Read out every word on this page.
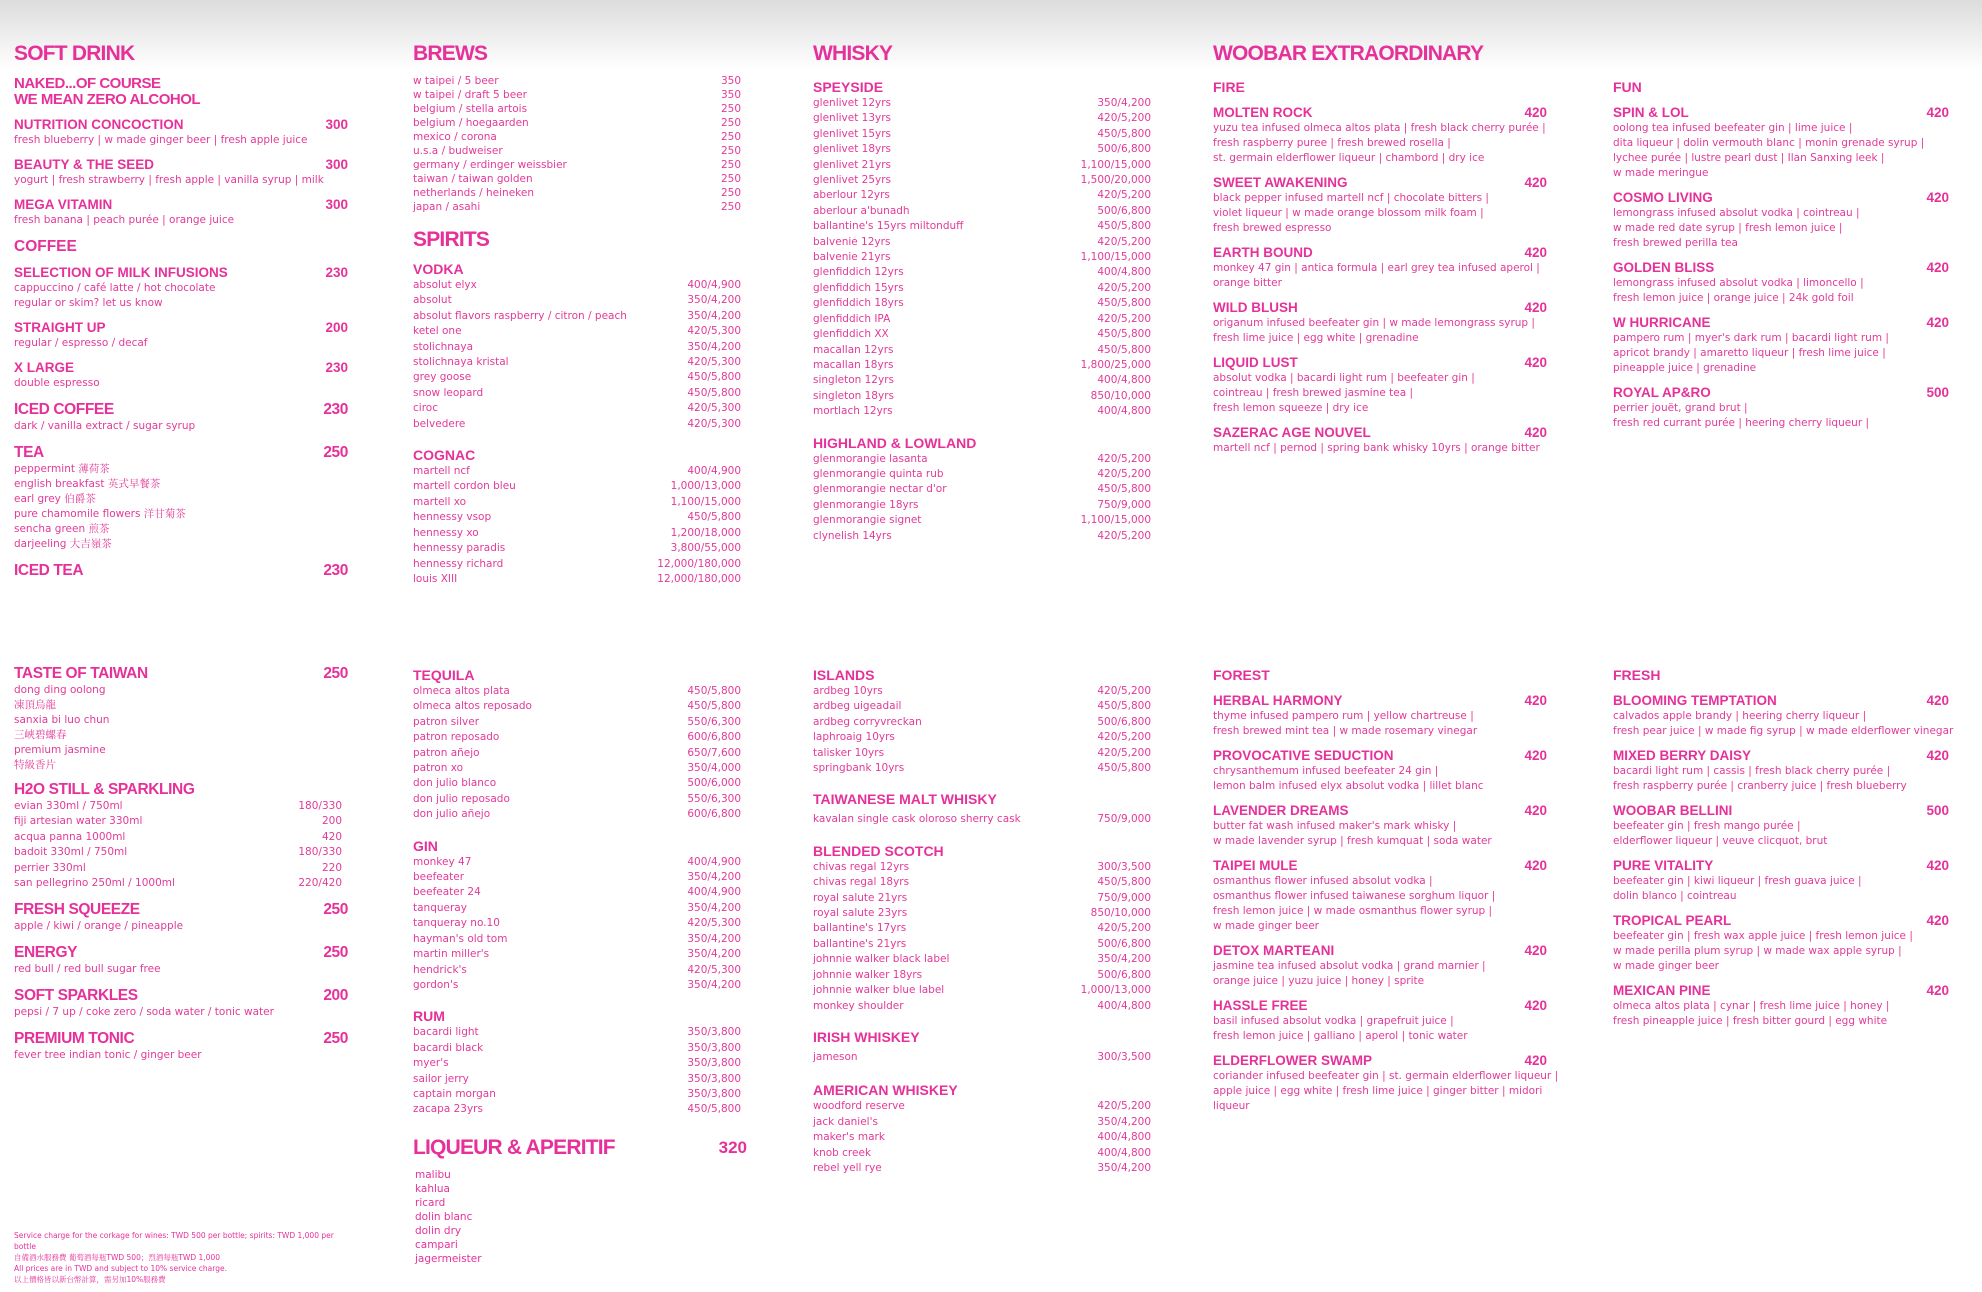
SOFT DRINK
NAKED...OF COURSE
WE MEAN ZERO ALCOHOL
NUTRITION CONCOCTION	300
fresh blueberry | w made ginger beer | fresh apple juice
BEAUTY & THE SEED	300
yogurt | fresh strawberry | fresh apple | vanilla syrup | milk
MEGA VITAMIN	300
fresh banana | peach purée | orange juice
COFFEE
SELECTION OF MILK INFUSIONS	230
cappuccino / café latte / hot chocolate
regular or skim? let us know
STRAIGHT UP	200
regular / espresso / decaf
X LARGE	230
double espresso
ICED COFFEE	230
dark / vanilla extract / sugar syrup
TEA	250
peppermint 薄荷茶
english breakfast 英式早餐茶
earl grey 伯爵茶
pure chamomile flowers 洋甘菊茶
sencha green 煎茶
darjeeling 大吉嶺茶
ICED TEA	230
TASTE OF TAIWAN	250
dong ding oolong
凍頂烏龍
sanxia bi luo chun
三峽碧螺春
premium jasmine
特級香片
H2O STILL & SPARKLING
evian 330ml / 750ml	180/330
fiji artesian water 330ml	200
acqua panna 1000ml	420
badoit 330ml / 750ml	180/330
perrier 330ml	220
san pellegrino 250ml / 1000ml	220/420
FRESH SQUEEZE	250
apple / kiwi / orange / pineapple
ENERGY	250
red bull / red bull sugar free
SOFT SPARKLES	200
pepsi / 7 up / coke zero / soda water / tonic water
PREMIUM TONIC	250
fever tree indian tonic / ginger beer
Service charge for the corkage for wines: TWD 500 per bottle; spirits: TWD 1,000 per bottle
自備酒水服務費 葡萄酒每瓶TWD 500；烈酒每瓶TWD 1,000
All prices are in TWD and subject to 10% service charge.
以上價格皆以新台幣計算，需另加10%服務費
BREWS
w taipei / 5 beer	350
w taipei / draft 5 beer	350
belgium / stella artois	250
belgium / hoegaarden	250
mexico / corona	250
u.s.a / budweiser	250
germany / erdinger weissbier	250
taiwan / taiwan golden	250
netherlands / heineken	250
japan / asahi	250
SPIRITS
VODKA
absolut elyx	400/4,900
absolut	350/4,200
absolut flavors raspberry / citron / peach	350/4,200
ketel one	420/5,300
stolichnaya	350/4,200
stolichnaya kristal	420/5,300
grey goose	450/5,800
snow leopard	450/5,800
ciroc	420/5,300
belvedere	420/5,300
COGNAC
martell ncf	400/4,900
martell cordon bleu	1,000/13,000
martell xo	1,100/15,000
hennessy vsop	450/5,800
hennessy xo	1,200/18,000
hennessy paradis	3,800/55,000
hennessy richard	12,000/180,000
louis XIII	12,000/180,000
TEQUILA
olmeca altos plata	450/5,800
olmeca altos reposado	450/5,800
patron silver	550/6,300
patron reposado	600/6,800
patron añejo	650/7,600
patron xo	350/4,000
don julio blanco	500/6,000
don julio reposado	550/6,300
don julio añejo	600/6,800
GIN
monkey 47	400/4,900
beefeater	350/4,200
beefeater 24	400/4,900
tanqueray	350/4,200
tanqueray no.10	420/5,300
hayman's old tom	350/4,200
martin miller's	350/4,200
hendrick's	420/5,300
gordon's	350/4,200
RUM
bacardi light	350/3,800
bacardi black	350/3,800
myer's	350/3,800
sailor jerry	350/3,800
captain morgan	350/3,800
zacapa 23yrs	450/5,800
LIQUEUR & APERITIF	320
malibu
kahlua
ricard
dolin blanc
dolin dry
campari
jagermeister
WHISKY
SPEYSIDE
glenlivet 12yrs	350/4,200
glenlivet 13yrs	420/5,200
glenlivet 15yrs	450/5,800
glenlivet 18yrs	500/6,800
glenlivet 21yrs	1,100/15,000
glenlivet 25yrs	1,500/20,000
aberlour 12yrs	420/5,200
aberlour a'bunadh	500/6,800
ballantine's 15yrs miltonduff	450/5,800
balvenie 12yrs	420/5,200
balvenie 21yrs	1,100/15,000
glenfiddich 12yrs	400/4,800
glenfiddich 15yrs	420/5,200
glenfiddich 18yrs	450/5,800
glenfiddich IPA	420/5,200
glenfiddich XX	450/5,800
macallan 12yrs	450/5,800
macallan 18yrs	1,800/25,000
singleton 12yrs	400/4,800
singleton 18yrs	850/10,000
mortlach 12yrs	400/4,800
HIGHLAND & LOWLAND
glenmorangie lasanta	420/5,200
glenmorangie quinta rub	420/5,200
glenmorangie nectar d'or	450/5,800
glenmorangie 18yrs	750/9,000
glenmorangie signet	1,100/15,000
clynelish 14yrs	420/5,200
ISLANDS
ardbeg 10yrs	420/5,200
ardbeg uigeadail	450/5,800
ardbeg corryvreckan	500/6,800
laphroaig 10yrs	420/5,200
talisker 10yrs	420/5,200
springbank 10yrs	450/5,800
TAIWANESE MALT WHISKY
kavalan single cask oloroso sherry cask	750/9,000
BLENDED SCOTCH
chivas regal 12yrs	300/3,500
chivas regal 18yrs	450/5,800
royal salute 21yrs	750/9,000
royal salute 23yrs	850/10,000
ballantine's 17yrs	420/5,200
ballantine's 21yrs	500/6,800
johnnie walker black label	350/4,200
johnnie walker 18yrs	500/6,800
johnnie walker blue label	1,000/13,000
monkey shoulder	400/4,800
IRISH WHISKEY
jameson	300/3,500
AMERICAN WHISKEY
woodford reserve	420/5,200
jack daniel's	350/4,200
maker's mark	400/4,800
knob creek	400/4,800
rebel yell rye	350/4,200
WOOBAR EXTRAORDINARY
FIRE
MOLTEN ROCK	420
yuzu tea infused olmeca altos plata | fresh black cherry purée |
fresh raspberry puree | fresh brewed rosella |
st. germain elderflower liqueur | chambord | dry ice
SWEET AWAKENING	420
black pepper infused martell ncf | chocolate bitters |
violet liqueur | w made orange blossom milk foam |
fresh brewed espresso
EARTH BOUND	420
monkey 47 gin | antica formula | earl grey tea infused aperol |
orange bitter
WILD BLUSH	420
origanum infused beefeater gin | w made lemongrass syrup |
fresh lime juice | egg white | grenadine
LIQUID LUST	420
absolut vodka | bacardi light rum | beefeater gin |
cointreau | fresh brewed jasmine tea |
fresh lemon squeeze | dry ice
SAZERAC AGE NOUVEL	420
martell ncf | pernod | spring bank whisky 10yrs | orange bitter
FOREST
HERBAL HARMONY	420
thyme infused pampero rum | yellow chartreuse |
fresh brewed mint tea | w made rosemary vinegar
PROVOCATIVE SEDUCTION	420
chrysanthemum infused beefeater 24 gin |
lemon balm infused elyx absolut vodka | lillet blanc
LAVENDER DREAMS	420
butter fat wash infused maker's mark whisky |
w made lavender syrup | fresh kumquat | soda water
TAIPEI MULE	420
osmanthus flower infused absolut vodka |
osmanthus flower infused taiwanese sorghum liquor |
fresh lemon juice | w made osmanthus flower syrup |
w made ginger beer
DETOX MARTEANI	420
jasmine tea infused absolut vodka | grand marnier |
orange juice | yuzu juice | honey | sprite
HASSLE FREE	420
basil infused absolut vodka | grapefruit juice |
fresh lemon juice | galliano | aperol | tonic water
ELDERFLOWER SWAMP	420
coriander infused beefeater gin | st. germain elderflower liqueur |
apple juice | egg white | fresh lime juice | ginger bitter | midori liqueur
FUN
SPIN & LOL	420
oolong tea infused beefeater gin | lime juice |
dita liqueur | dolin vermouth blanc | monin grenade syrup |
lychee purée | lustre pearl dust | Ilan Sanxing leek |
w made meringue
COSMO LIVING	420
lemongrass infused absolut vodka | cointreau |
w made red date syrup | fresh lemon juice |
fresh brewed perilla tea
GOLDEN BLISS	420
lemongrass infused absolut vodka | limoncello |
fresh lemon juice | orange juice | 24k gold foil
W HURRICANE	420
pampero rum | myer's dark rum | bacardi light rum |
apricot brandy | amaretto liqueur | fresh lime juice |
pineapple juice | grenadine
ROYAL AP&RO	500
perrier jouët, grand brut |
fresh red currant purée | heering cherry liqueur |
FRESH
BLOOMING TEMPTATION	420
calvados apple brandy | heering cherry liqueur |
fresh pear juice | w made fig syrup | w made elderflower vinegar
MIXED BERRY DAISY	420
bacardi light rum | cassis | fresh black cherry purée |
fresh raspberry purée | cranberry juice | fresh blueberry
WOOBAR BELLINI	500
beefeater gin | fresh mango purée |
elderflower liqueur | veuve clicquot, brut
PURE VITALITY	420
beefeater gin | kiwi liqueur | fresh guava juice |
dolin blanco | cointreau
TROPICAL PEARL	420
beefeater gin | fresh wax apple juice | fresh lemon juice |
w made perilla plum syrup | w made wax apple syrup |
w made ginger beer
MEXICAN PINE	420
olmeca altos plata | cynar | fresh lime juice | honey |
fresh pineapple juice | fresh bitter gourd | egg white
